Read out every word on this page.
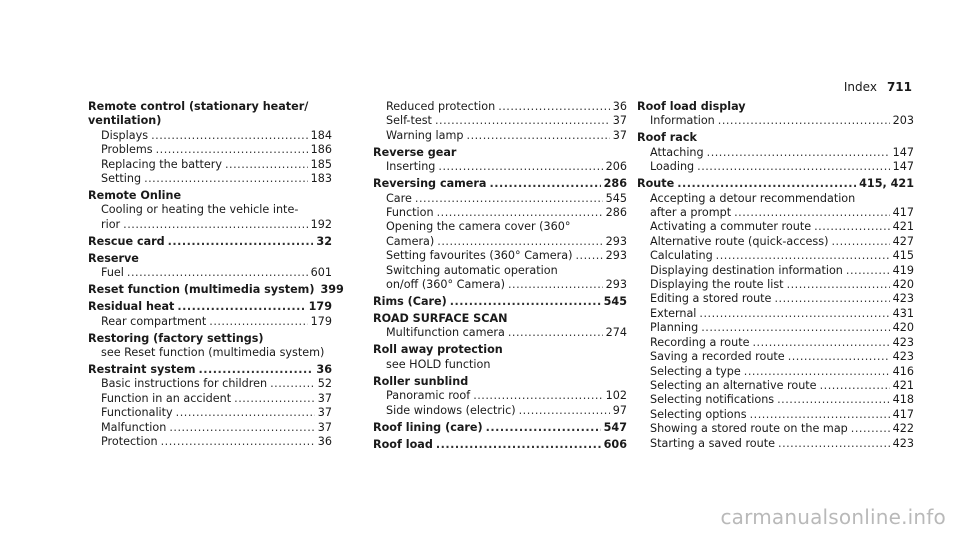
Index 711
Remote control (stationary heater/
ventilation)
Displays .....	184
Problems .....	186
Replacing the battery .....	185
Setting .....	183
Remote Online
Cooling or heating the vehicle inte-
rior .....	192
Rescue card .....	32
Reserve
Fuel .....	601
Reset function (multimedia system) 399
Residual heat .....	179
Rear compartment .....	179
Restoring (factory settings)
see Reset function (multimedia system)
Restraint system .....	36
Basic instructions for children .....	52
Function in an accident .....	37
Functionality .....	37
Malfunction .....	37
Protection .....	36
Reduced protection .....	36
Self-test .....	37
Warning lamp .....	37
Reverse gear
Inserting .....	206
Reversing camera .....	286
Care .....	545
Function .....	286
Opening the camera cover (360°
Camera) .....	293
Setting favourites (360° Camera) .....	293
Switching automatic operation
on/off (360° Camera) .....	293
Rims (Care) .....	545
ROAD SURFACE SCAN
Multifunction camera .....	274
Roll away protection
see HOLD function
Roller sunblind
Panoramic roof .....	102
Side windows (electric) .....	97
Roof lining (care) .....	547
Roof load .....	606
Roof load display
Information .....	203
Roof rack
Attaching .....	147
Loading .....	147
Route .....	415, 421
Accepting a detour recommendation
after a prompt .....	417
Activating a commuter route .....	421
Alternative route (quick-access) .....	427
Calculating .....	415
Displaying destination information .....	419
Displaying the route list .....	420
Editing a stored route .....	423
External .....	431
Planning .....	420
Recording a route .....	423
Saving a recorded route .....	423
Selecting a type .....	416
Selecting an alternative route .....	421
Selecting notifications .....	418
Selecting options .....	417
Showing a stored route on the map .....	422
Starting a saved route .....	423
carmanualsonline.info
